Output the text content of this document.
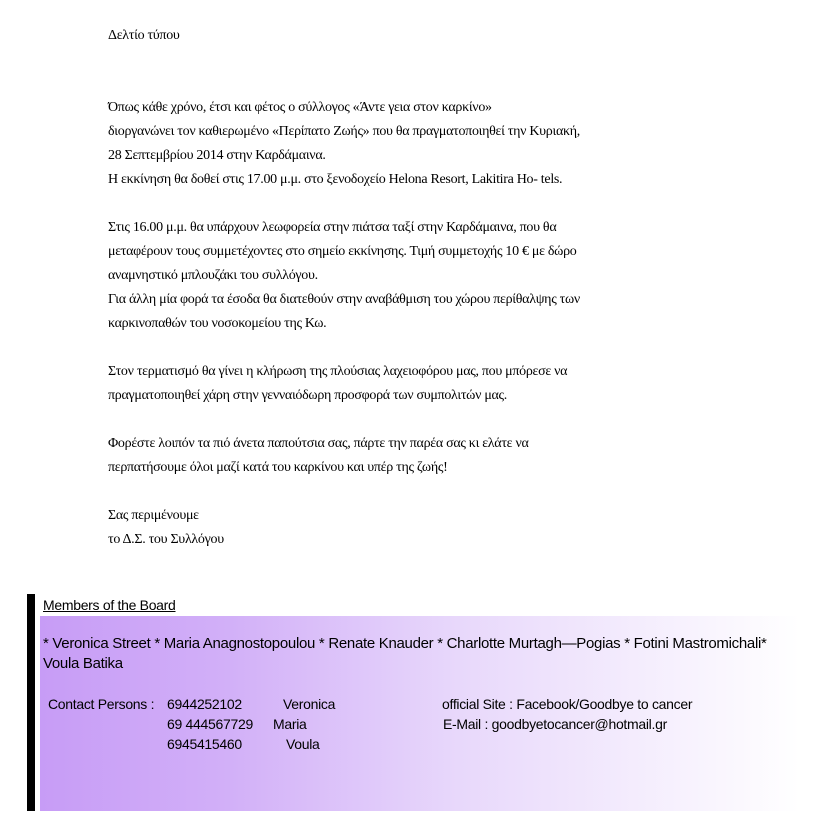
Δελτίο τύπου

Όπως κάθε χρόνο, έτσι και φέτος ο σύλλογος «Άντε γεια στον καρκίνο»

διοργανώνει τον καθιερωμένο «Περίπατο Ζωής» που θα πραγματοποιηθεί την Κυριακή,

28 Σεπτεμβρίου 2014 στην Καρδάμαινα.

Η εκκίνηση θα δοθεί στις 17.00 μ.μ. στο ξενοδοχείο Helona Resort, Lakitira Ho- tels.

Στις 16.00 μ.μ. θα υπάρχουν λεωφορεία στην πιάτσα ταξί στην Καρδάμαινα, που θα

μεταφέρουν τους συμμετέχοντες στο σημείο εκκίνησης. Τιμή συμμετοχής 10 € με δώρο

αναμνηστικό μπλουζάκι του συλλόγου.

Για άλλη μία φορά τα έσοδα θα διατεθούν στην αναβάθμιση του χώρου περίθαλψης των

καρκινοπαθών του νοσοκομείου της Κω.

Στον τερματισμό θα γίνει η κλήρωση της πλούσιας λαχειοφόρου μας, που μπόρεσε να

πραγματοποιηθεί χάρη στην γενναιόδωρη προσφορά των συμπολιτών μας.

Φορέστε λοιπόν τα πιό άνετα παπούτσια σας, πάρτε την παρέα σας κι ελάτε να

περπατήσουμε όλοι μαζί κατά του καρκίνου και υπέρ της ζωής!

Σας περιμένουμε

το Δ.Σ. του Συλλόγου

Members of the Board
* Veronica Street * Maria Anagnostopoulou * Renate Knauder * Charlotte Murtagh—Pogias * Fotini Mastromichali* Voula Batika
Contact Persons : 6944252102	Veronica	official Site : Facebook/Goodbye to cancer
69 444567729 Maria	E-Mail : goodbyetocancer@hotmail.gr
6945415460	Voula
